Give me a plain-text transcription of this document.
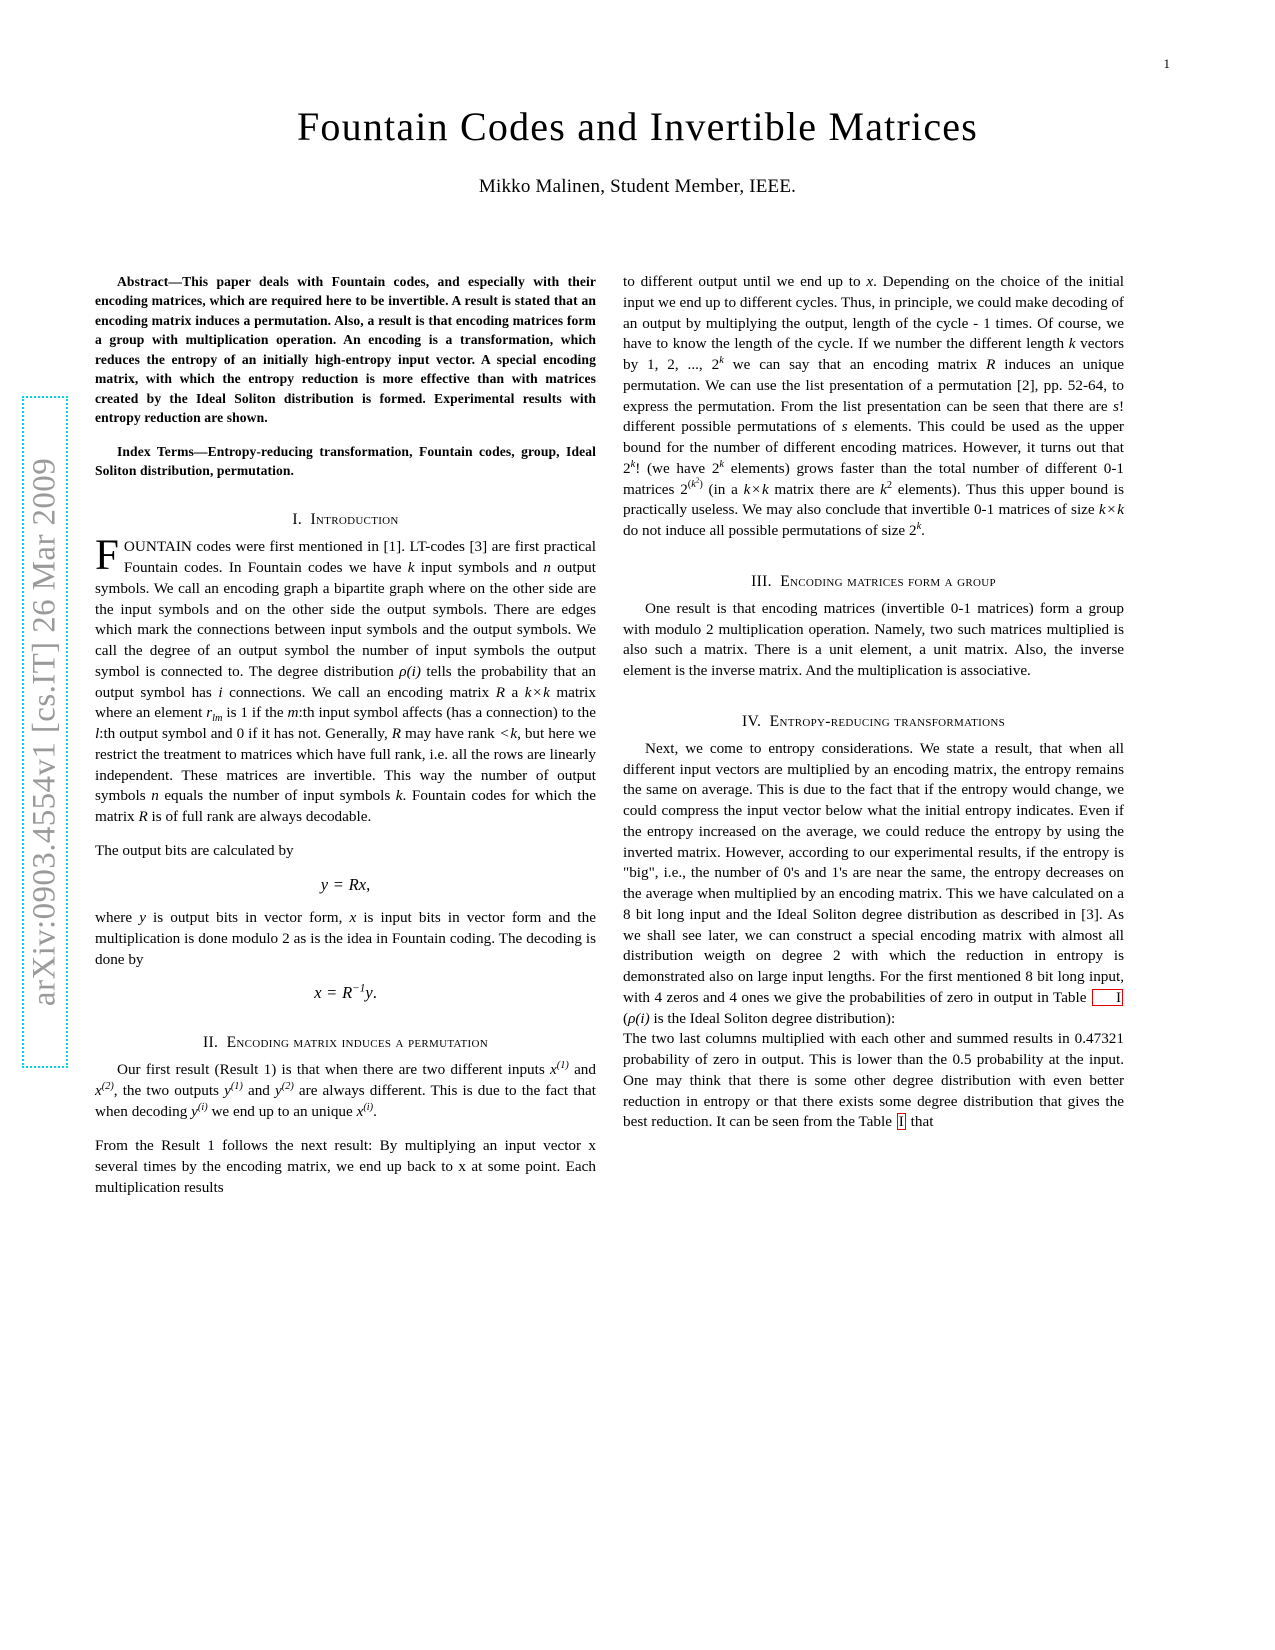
1
arXiv:0903.4554v1 [cs.IT] 26 Mar 2009
Fountain Codes and Invertible Matrices
Mikko Malinen, Student Member, IEEE.
Abstract—This paper deals with Fountain codes, and especially with their encoding matrices, which are required here to be invertible. A result is stated that an encoding matrix induces a permutation. Also, a result is that encoding matrices form a group with multiplication operation. An encoding is a transformation, which reduces the entropy of an initially high-entropy input vector. A special encoding matrix, with which the entropy reduction is more effective than with matrices created by the Ideal Soliton distribution is formed. Experimental results with entropy reduction are shown.
Index Terms—Entropy-reducing transformation, Fountain codes, group, Ideal Soliton distribution, permutation.
I. Introduction

FOUNTAIN codes were first mentioned in [1]. LT-codes [3] are first practical Fountain codes. In Fountain codes we have k input symbols and n output symbols. We call an encoding graph a bipartite graph where on the other side are the input symbols and on the other side the output symbols. There are edges which mark the connections between input symbols and the output symbols. We call the degree of an output symbol the number of input symbols the output symbol is connected to. The degree distribution ρ(i) tells the probability that an output symbol has i connections. We call an encoding matrix R a k×k matrix where an element $r_{lm}$ is 1 if the m:th input symbol affects (has a connection) to the l:th output symbol and 0 if it has not. Generally, R may have rank <k, but here we restrict the treatment to matrices which have full rank, i.e. all the rows are linearly independent. These matrices are invertible. This way the number of output symbols n equals the number of input symbols k. Fountain codes for which the matrix R is of full rank are always decodable.

The output bits are calculated by

y = Rx,

where y is output bits in vector form, x is input bits in vector form and the multiplication is done modulo 2 as is the idea in Fountain coding. The decoding is done by

$x = R^{-1}y$.
II. Encoding matrix induces a permutation

Our first result (Result 1) is that when there are two different inputs $x^{(1)}$ and $x^{(2)}$, the two outputs $y^{(1)}$ and $y^{(2)}$ are always different. This is due to the fact that when decoding $y^{(i)}$ we end up to an unique $x^{(i)}$.

From the Result 1 follows the next result: By multiplying an input vector x several times by the encoding matrix, we end up back to x at some point. Each multiplication results

to different output until we end up to x. Depending on the choice of the initial input we end up to different cycles. Thus, in principle, we could make decoding of an output by multiplying the output, length of the cycle - 1 times. Of course, we have to know the length of the cycle. If we number the different length k vectors by 1, 2, ..., 2$^k$ we can say that an encoding matrix R induces an unique permutation. We can use the list presentation of a permutation [2], pp. 52-64, to express the permutation. From the list presentation can be seen that there are s! different possible permutations of s elements. This could be used as the upper bound for the number of different encoding matrices. However, it turns out that 2$^k$! (we have 2$^k$ elements) grows faster than the total number of different 0-1 matrices $2^{(k^2)}$ (in a k×k matrix there are $k^2$ elements). Thus this upper bound is practically useless. We may also conclude that invertible 0-1 matrices of size k×k do not induce all possible permutations of size 2$^k$.

III. Encoding matrices form a group

One result is that encoding matrices (invertible 0-1 matrices) form a group with modulo 2 multiplication operation. Namely, two such matrices multiplied is also such a matrix. There is a unit element, a unit matrix. Also, the inverse element is the inverse matrix. And the multiplication is associative.

IV. Entropy-reducing transformations

Next, we come to entropy considerations. We state a result, that when all different input vectors are multiplied by an encoding matrix, the entropy remains the same on average. This is due to the fact that if the entropy would change, we could compress the input vector below what the initial entropy indicates. Even if the entropy increased on the average, we could reduce the entropy by using the inverted matrix. However, according to our experimental results, if the entropy is "big", i.e., the number of 0's and 1's are near the same, the entropy decreases on the average when multiplied by an encoding matrix. This we have calculated on a 8 bit long input and the Ideal Soliton degree distribution as described in [3]. As we shall see later, we can construct a special encoding matrix with almost all distribution weigth on degree 2 with which the reduction in entropy is demonstrated also on large input lengths. For the first mentioned 8 bit long input, with 4 zeros and 4 ones we give the probabilities of zero in output in Table I (ρ(i) is the Ideal Soliton degree distribution):

The two last columns multiplied with each other and summed results in 0.47321 probability of zero in output. This is lower than the 0.5 probability at the input. One may think that there is some other degree distribution with even better reduction in entropy or that there exists some degree distribution that gives the best reduction. It can be seen from the Table I that
